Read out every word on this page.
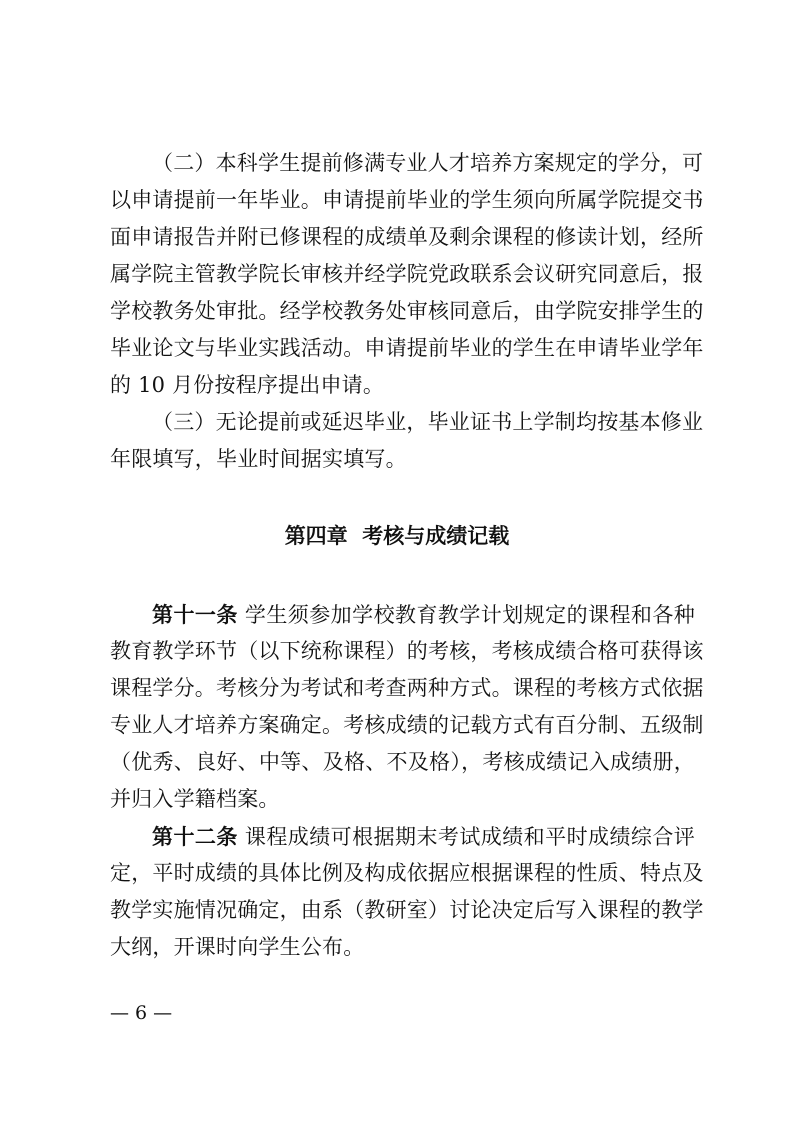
（二）本科学生提前修满专业人才培养方案规定的学分，可
以申请提前一年毕业。申请提前毕业的学生须向所属学院提交书
面申请报告并附已修课程的成绩单及剩余课程的修读计划，经所
属学院主管教学院长审核并经学院党政联系会议研究同意后，报
学校教务处审批。经学校教务处审核同意后，由学院安排学生的
毕业论文与毕业实践活动。申请提前毕业的学生在申请毕业学年
的 10 月份按程序提出申请。
（三）无论提前或延迟毕业，毕业证书上学制均按基本修业
年限填写，毕业时间据实填写。
第四章  考核与成绩记载
第十一条 学生须参加学校教育教学计划规定的课程和各种
教育教学环节（以下统称课程）的考核，考核成绩合格可获得该
课程学分。考核分为考试和考查两种方式。课程的考核方式依据
专业人才培养方案确定。考核成绩的记载方式有百分制、五级制
（优秀、良好、中等、及格、不及格），考核成绩记入成绩册，
并归入学籍档案。
第十二条 课程成绩可根据期末考试成绩和平时成绩综合评
定，平时成绩的具体比例及构成依据应根据课程的性质、特点及
教学实施情况确定，由系（教研室）讨论决定后写入课程的教学
大纲，开课时向学生公布。
— 6 —
